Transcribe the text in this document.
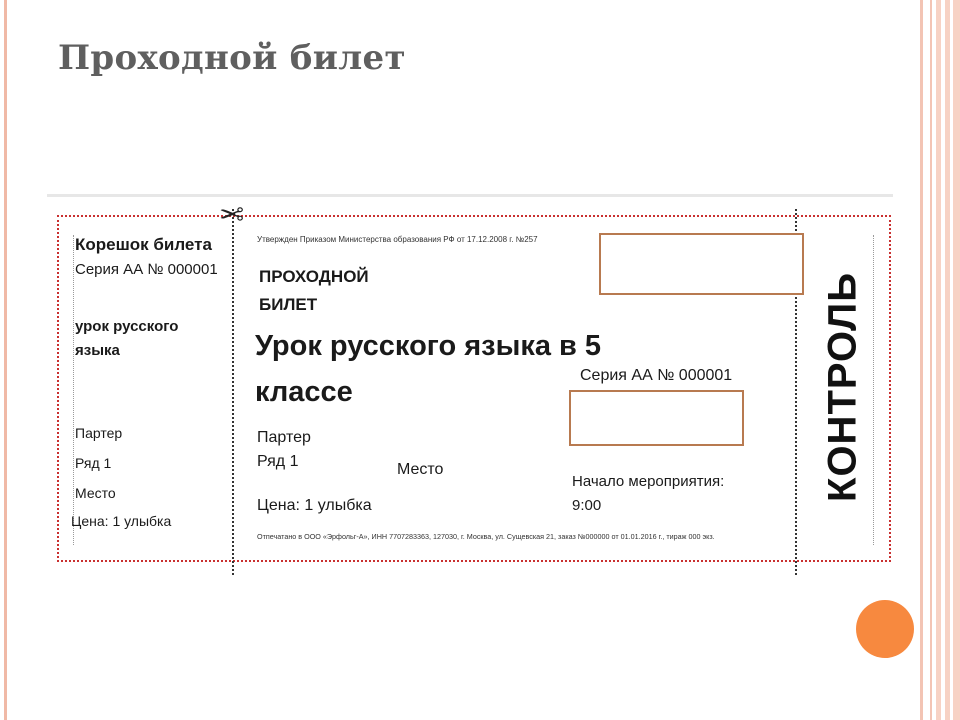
Проходной билет
✂
Корешок билета
Серия АА № 000001
урок русского языка
Партер
Ряд 1
Место
Цена: 1 улыбка
Утвержден Приказом Министерства образования РФ от 17.12.2008 г. №257
ПРОХОДНОЙ БИЛЕТ
Урок русского языка в 5 классе
Партер
Ряд 1	Место
Цена: 1 улыбка
Серия АА № 000001
Начало мероприятия:
9:00
Отпечатано в ООО «Эрфольг-А», ИНН 7707283363, 127030, г. Москва, ул. Сущевская 21, заказ №000000 от 01.01.2016 г., тираж 000 экз.
КОНТРОЛЬ
